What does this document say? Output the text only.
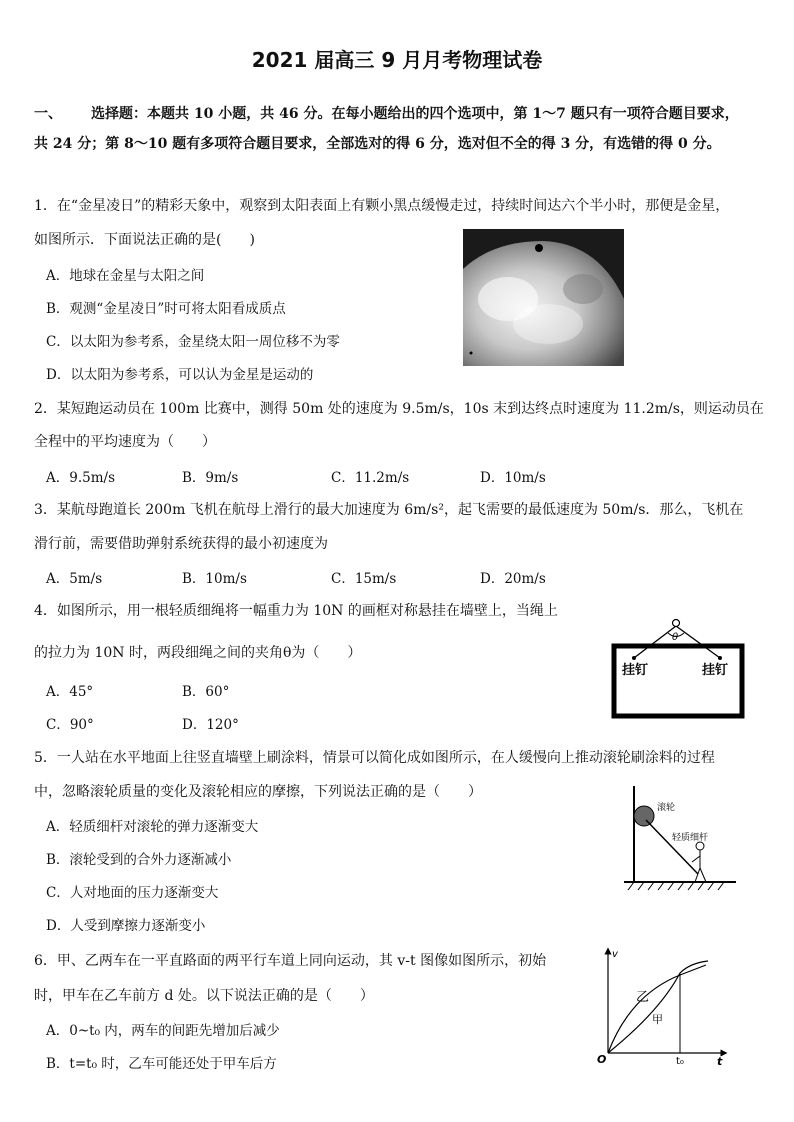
2021 届高三 9 月月考物理试卷
一、 选择题：本题共 10 小题，共 46 分。在每小题给出的四个选项中，第 1～7 题只有一项符合题目要求，
共 24 分；第 8～10 题有多项符合题目要求，全部选对的得 6 分，选对但不全的得 3 分，有选错的得 0 分。
1．在“金星凌日”的精彩天象中，观察到太阳表面上有颗小黑点缓慢走过，持续时间达六个半小时，那便是金星，
如图所示．下面说法正确的是(　　)
A．地球在金星与太阳之间
B．观测“金星凌日”时可将太阳看成质点
C．以太阳为参考系，金星绕太阳一周位移不为零
D．以太阳为参考系，可以认为金星是运动的
2．某短跑运动员在 100m 比赛中，测得 50m 处的速度为 9.5m/s，10s 末到达终点时速度为 11.2m/s，则运动员在
全程中的平均速度为（　　）
A．9.5m/s	B．9m/s	C．11.2m/s	D．10m/s
3．某航母跑道长 200m 飞机在航母上滑行的最大加速度为 6m/s²，起飞需要的最低速度为 50m/s．那么，飞机在
滑行前，需要借助弹射系统获得的最小初速度为
A．5m/s	B．10m/s	C．15m/s	D．20m/s
4．如图所示，用一根轻质细绳将一幅重力为 10N 的画框对称悬挂在墙壁上，当绳上
的拉力为 10N 时，两段细绳之间的夹角θ为（　　）
A．45°	B．60°
C．90°	D．120°
θ
挂钉	挂钉
5．一人站在水平地面上往竖直墙壁上刷涂料，情景可以简化成如图所示，在人缓慢向上推动滚轮刷涂料的过程
中，忽略滚轮质量的变化及滚轮相应的摩擦，下列说法正确的是（　　）
A．轻质细杆对滚轮的弹力逐渐变大
B．滚轮受到的合外力逐渐减小
C．人对地面的压力逐渐变大
D．人受到摩擦力逐渐变小
滚轮
轻质细杆
6．甲、乙两车在一平直路面的两平行车道上同向运动，其 v-t 图像如图所示，初始
时，甲车在乙车前方 d 处。以下说法正确的是（　　）
A．0~t₀ 内，两车的间距先增加后减少
B．t=t₀ 时，乙车可能还处于甲车后方
v
t
O	t₀
乙
甲
